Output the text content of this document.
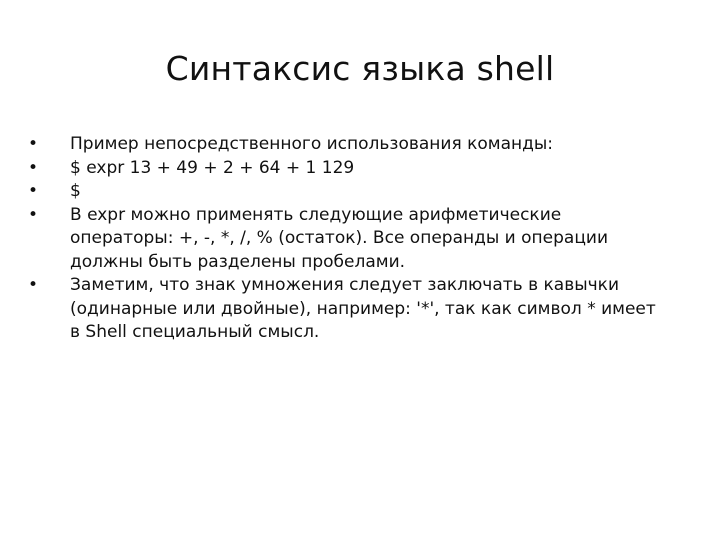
Синтаксис языка shell
•	Пример непосредственного использования команды:
•	$ expr 13 + 49 + 2 + 64 + 1 129
•	$
•	В expr можно применять следующие арифметические операторы: +, -, *, /, % (остаток). Все операнды и операции должны быть разделены пробелами.
•	Заметим, что знак умножения следует заключать в кавычки (одинарные или двойные), например: '*', так как символ * имеет в Shell специальный смысл.
